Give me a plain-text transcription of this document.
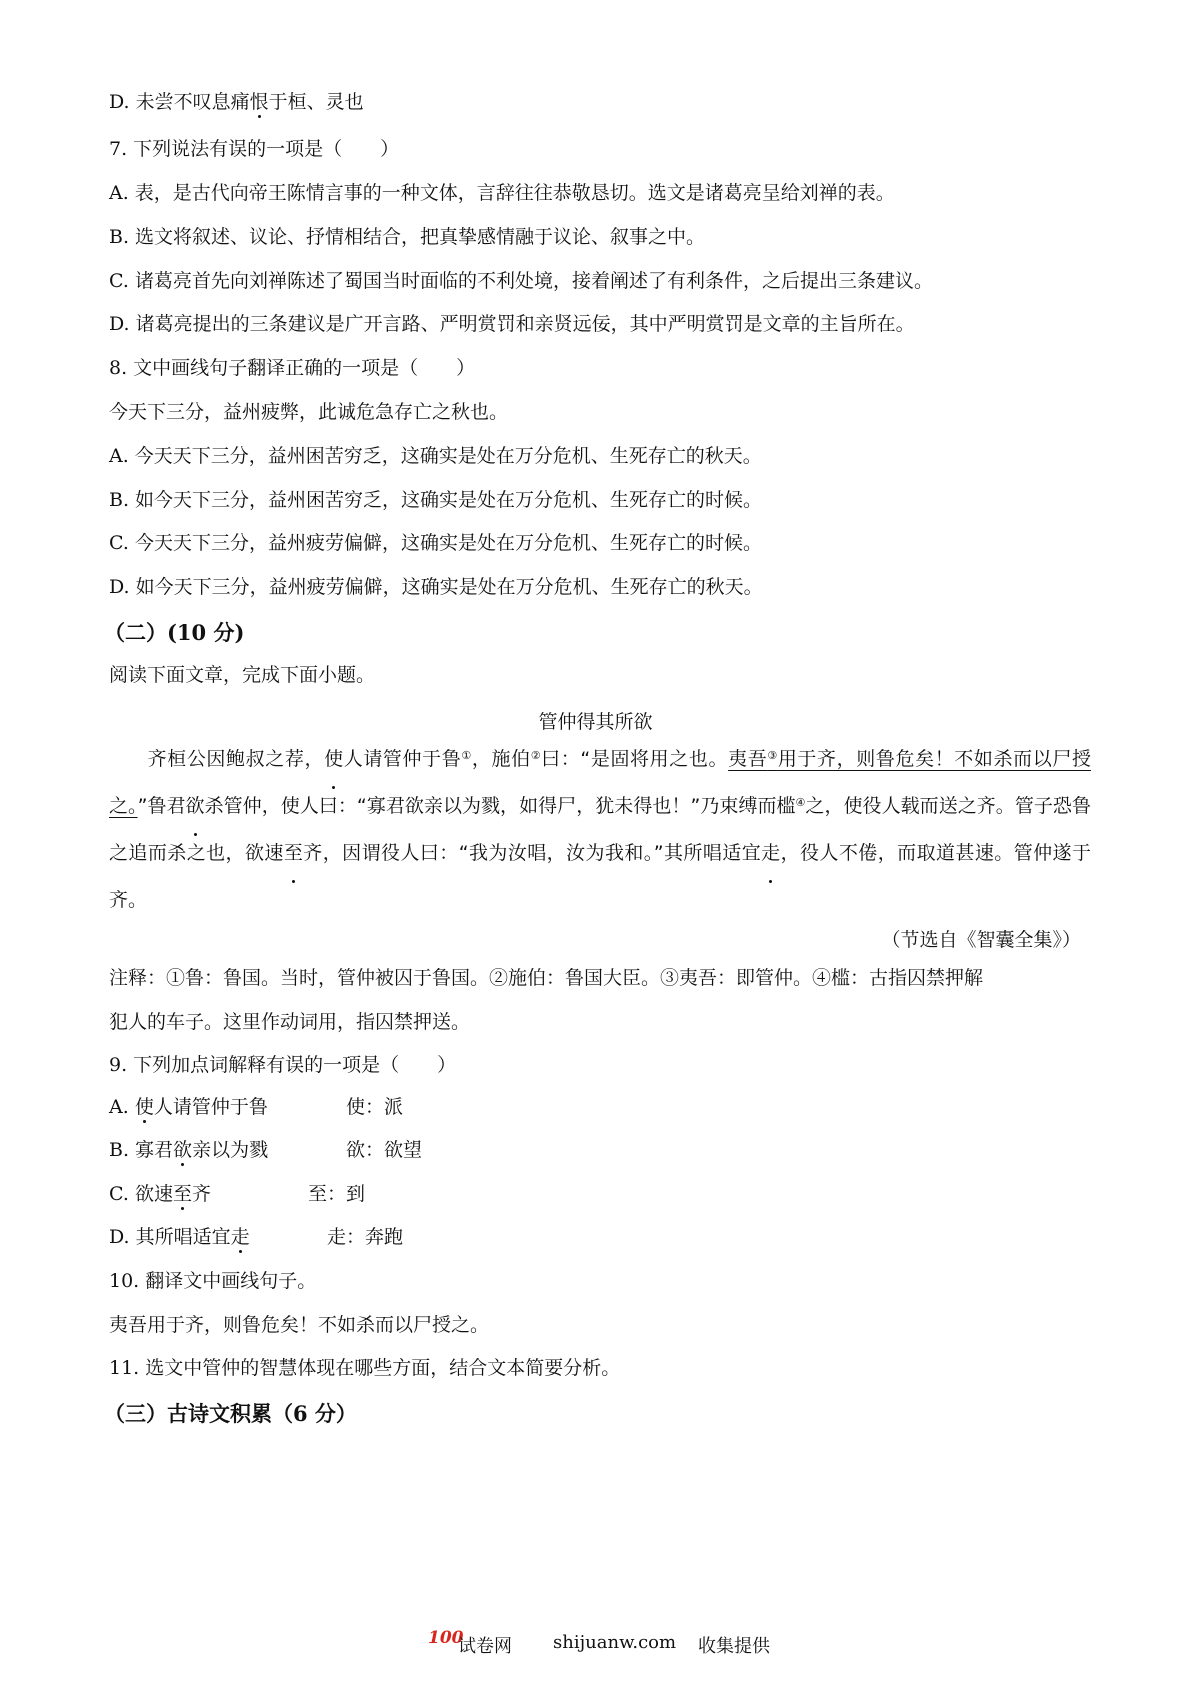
D. 未尝不叹息痛恨于桓、灵也
7. 下列说法有误的一项是（　　）
A. 表，是古代向帝王陈情言事的一种文体，言辞往往恭敬恳切。选文是诸葛亮呈给刘禅的表。
B. 选文将叙述、议论、抒情相结合，把真挚感情融于议论、叙事之中。
C. 诸葛亮首先向刘禅陈述了蜀国当时面临的不利处境，接着阐述了有利条件，之后提出三条建议。
D. 诸葛亮提出的三条建议是广开言路、严明赏罚和亲贤远佞，其中严明赏罚是文章的主旨所在。
8. 文中画线句子翻译正确的一项是（　　）
今天下三分，益州疲弊，此诚危急存亡之秋也。
A. 今天天下三分，益州困苦穷乏，这确实是处在万分危机、生死存亡的秋天。
B. 如今天下三分，益州困苦穷乏，这确实是处在万分危机、生死存亡的时候。
C. 今天天下三分，益州疲劳偏僻，这确实是处在万分危机、生死存亡的时候。
D. 如今天下三分，益州疲劳偏僻，这确实是处在万分危机、生死存亡的秋天。
（二）(10 分)
阅读下面文章，完成下面小题。
管仲得其所欲
齐桓公因鲍叔之荐，使人请管仲于鲁①，施伯②曰：“是固将用之也。夷吾③用于齐，则鲁危矣！不如杀而以尸授之。”鲁君欲杀管仲，使人曰：“寡君欲亲以为戮，如得尸，犹未得也！”乃束缚而槛④之，使役人载而送之齐。管子恐鲁之追而杀之也，欲速至齐，因谓役人曰：“我为汝唱，汝为我和。”其所唱适宜走，役人不倦，而取道甚速。管仲遂于齐。
（节选自《智囊全集》）
注释：①鲁：鲁国。当时，管仲被囚于鲁国。②施伯：鲁国大臣。③夷吾：即管仲。④槛：古指囚禁押解
犯人的车子。这里作动词用，指囚禁押送。
9. 下列加点词解释有误的一项是（　　）
A. 使人请管仲于鲁	使：派
B. 寡君欲亲以为戮	欲：欲望
C. 欲速至齐	至：到
D. 其所唱适宜走	走：奔跑
10. 翻译文中画线句子。
夷吾用于齐，则鲁危矣！不如杀而以尸授之。
11. 选文中管仲的智慧体现在哪些方面，结合文本简要分析。
（三）古诗文积累（6 分）
100
试卷网 shijuanw.com 收集提供
